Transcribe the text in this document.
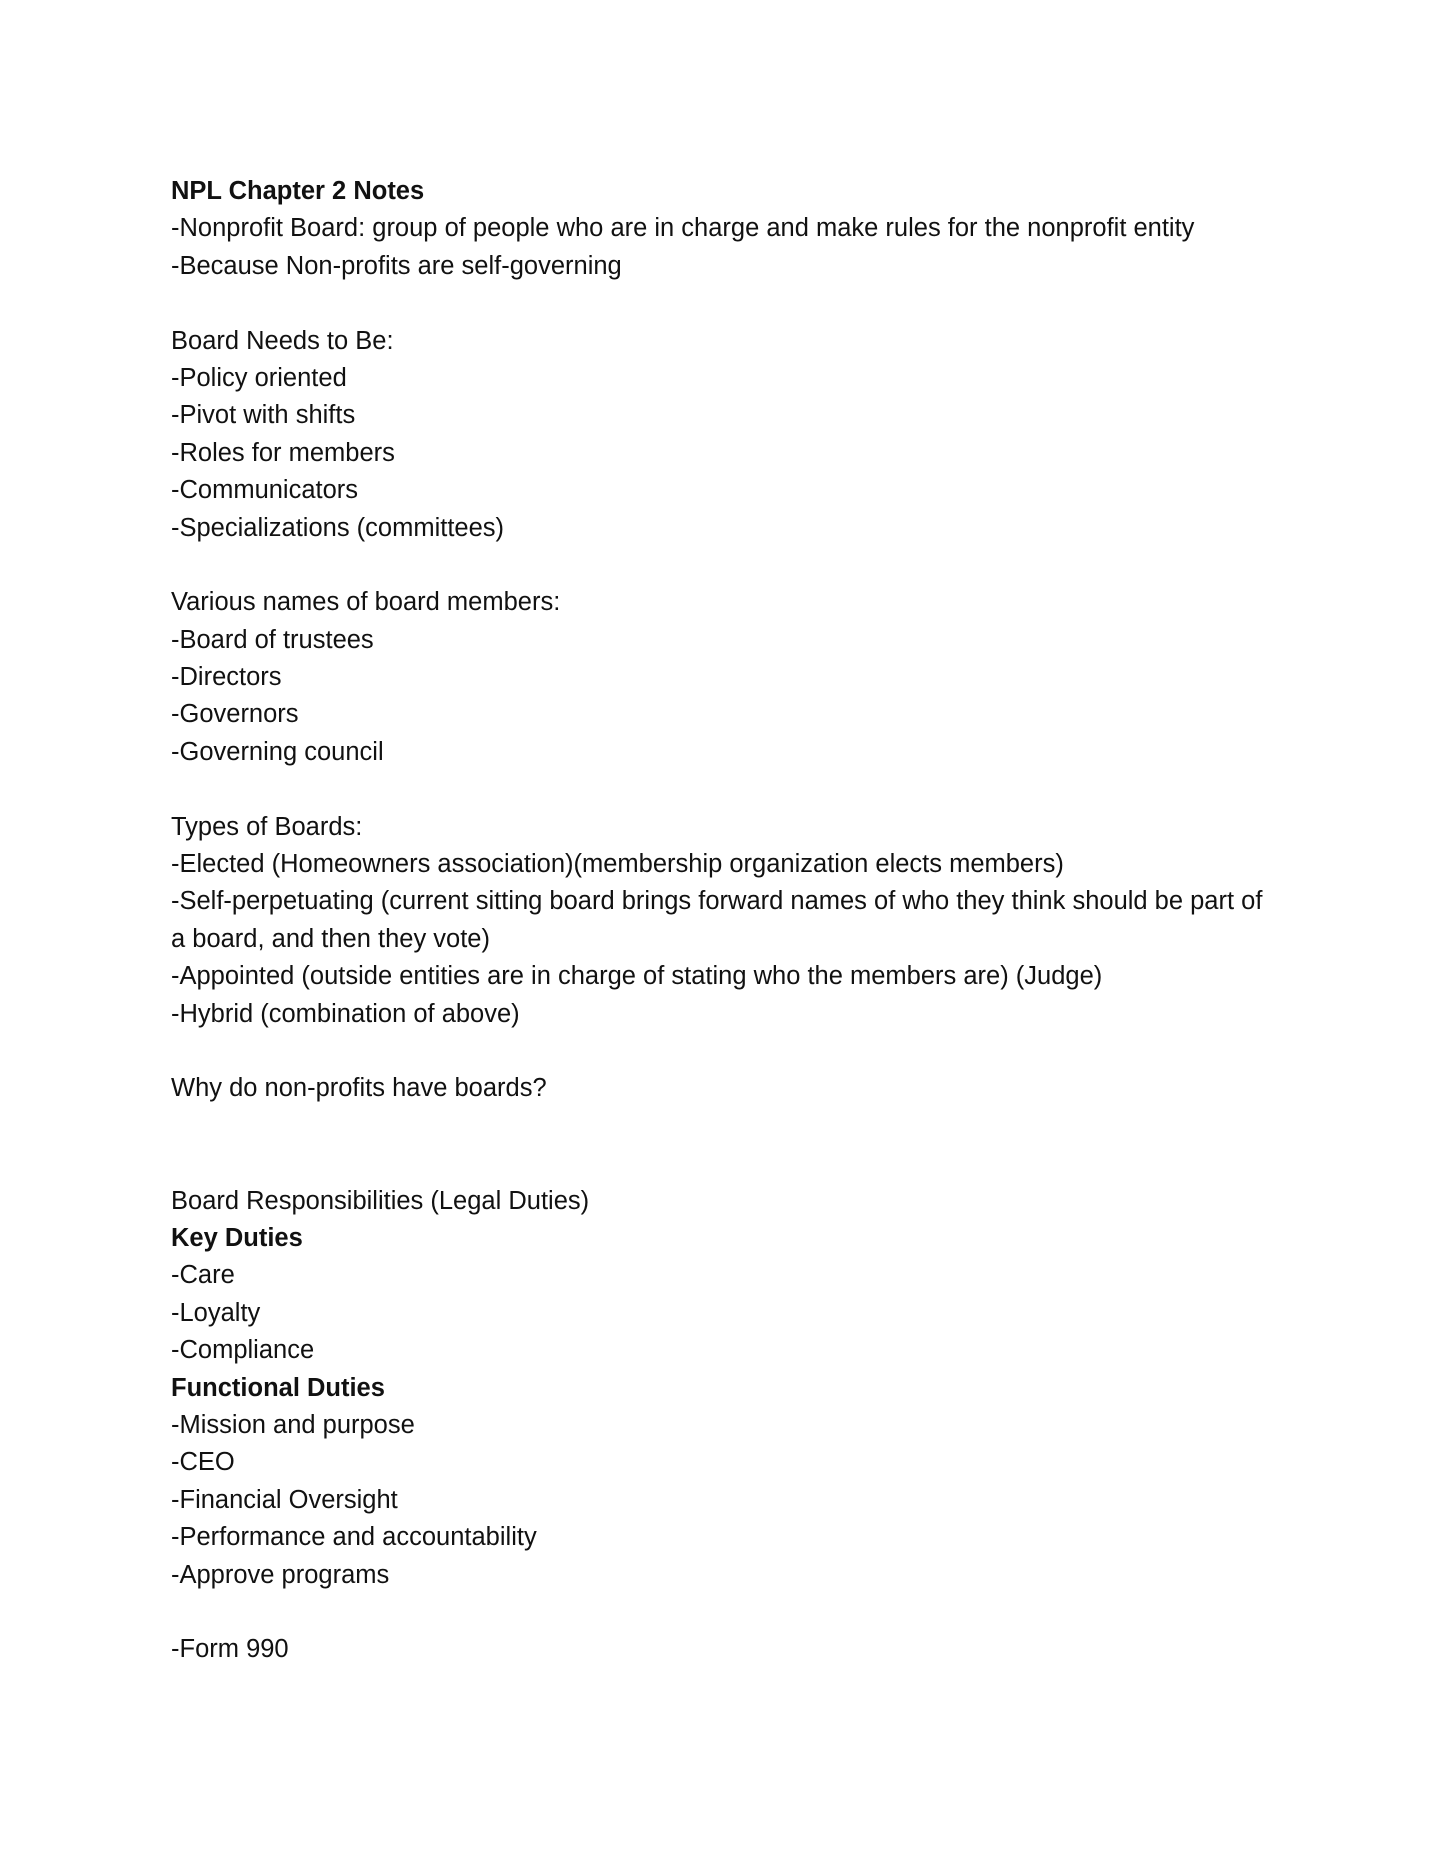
NPL Chapter 2 Notes
-Nonprofit Board: group of people who are in charge and make rules for the nonprofit entity
-Because Non-profits are self-governing
Board Needs to Be:
-Policy oriented
-Pivot with shifts
-Roles for members
-Communicators
-Specializations (committees)
Various names of board members:
-Board of trustees
-Directors
-Governors
-Governing council
Types of Boards:
-Elected (Homeowners association)(membership organization elects members)
-Self-perpetuating (current sitting board brings forward names of who they think should be part of a board, and then they vote)
-Appointed (outside entities are in charge of stating who the members are) (Judge)
-Hybrid (combination of above)
Why do non-profits have boards?
Board Responsibilities (Legal Duties)
Key Duties
-Care
-Loyalty
-Compliance
Functional Duties
-Mission and purpose
-CEO
-Financial Oversight
-Performance and accountability
-Approve programs
-Form 990
